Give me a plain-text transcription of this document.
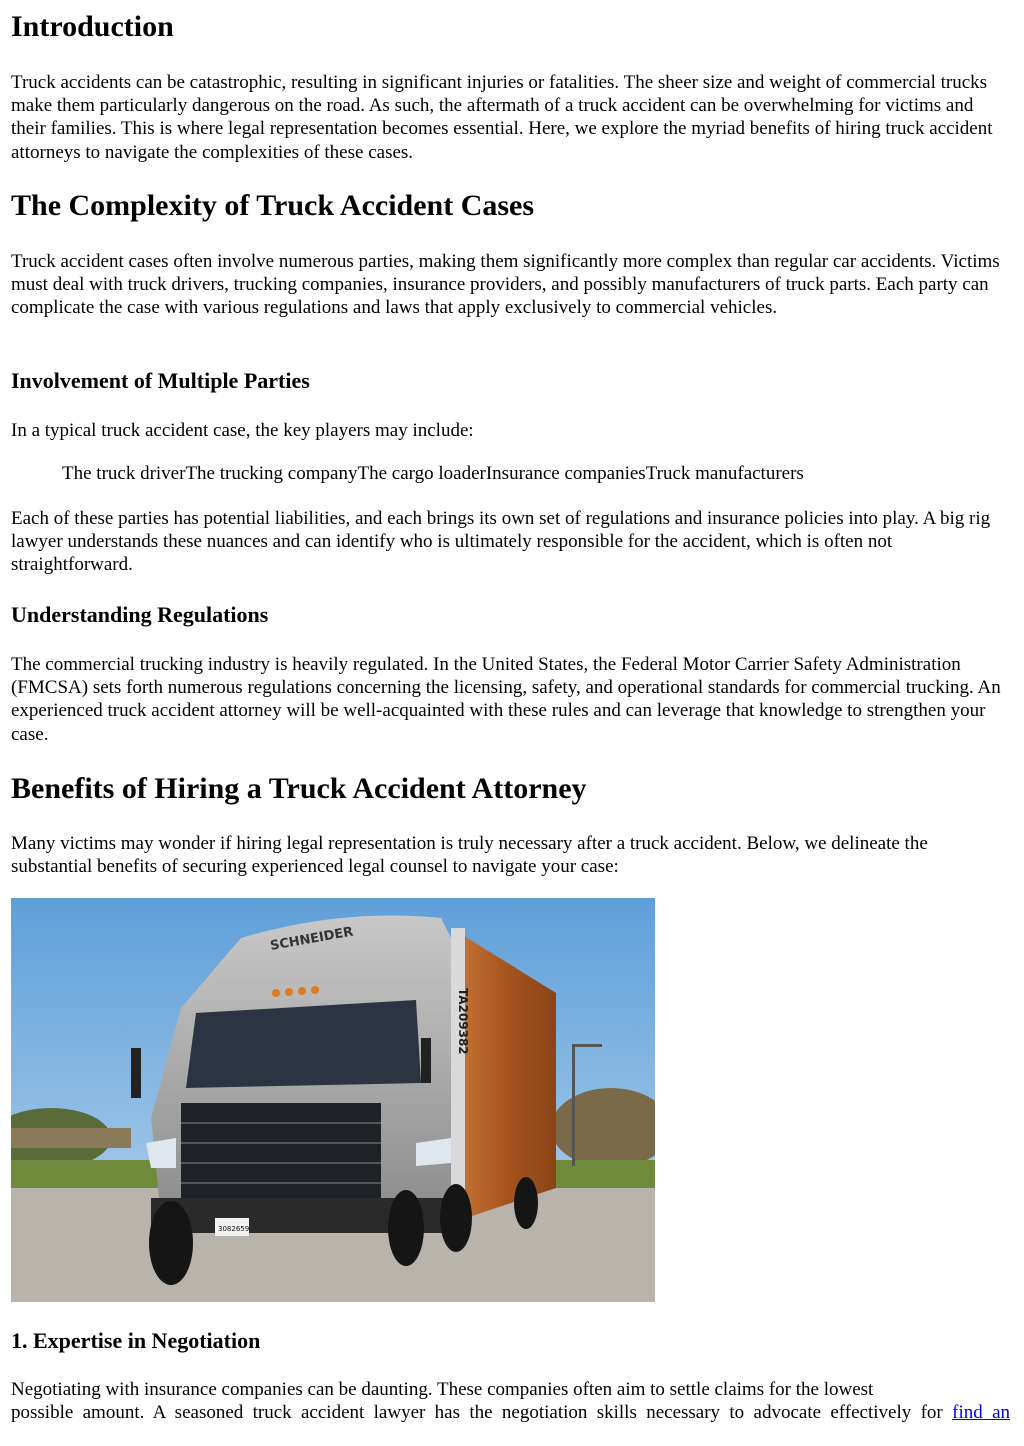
Introduction

Truck accidents can be catastrophic, resulting in significant injuries or fatalities. The sheer size and weight of commercial trucks make them particularly dangerous on the road. As such, the aftermath of a truck accident can be overwhelming for victims and their families. This is where legal representation becomes essential. Here, we explore the myriad benefits of hiring truck accident attorneys to navigate the complexities of these cases.

The Complexity of Truck Accident Cases

Truck accident cases often involve numerous parties, making them significantly more complex than regular car accidents. Victims must deal with truck drivers, trucking companies, insurance providers, and possibly manufacturers of truck parts. Each party can complicate the case with various regulations and laws that apply exclusively to commercial vehicles.

Involvement of Multiple Parties

In a typical truck accident case, the key players may include:

The truck driverThe trucking companyThe cargo loaderInsurance companiesTruck manufacturers

Each of these parties has potential liabilities, and each brings its own set of regulations and insurance policies into play. A big rig lawyer understands these nuances and can identify who is ultimately responsible for the accident, which is often not straightforward.

Understanding Regulations

The commercial trucking industry is heavily regulated. In the United States, the Federal Motor Carrier Safety Administration (FMCSA) sets forth numerous regulations concerning the licensing, safety, and operational standards for commercial trucking. An experienced truck accident attorney will be well-acquainted with these rules and can leverage that knowledge to strengthen your case.

Benefits of Hiring a Truck Accident Attorney

Many victims may wonder if hiring legal representation is truly necessary after a truck accident. Below, we delineate the substantial benefits of securing experienced legal counsel to navigate your case:

TA209382
SCHNEIDER
3082659
1. Expertise in Negotiation

Negotiating with insurance companies can be daunting. These companies often aim to settle claims for the lowest

possible amount. A seasoned truck accident lawyer has the negotiation skills necessary to advocate effectively for find an
